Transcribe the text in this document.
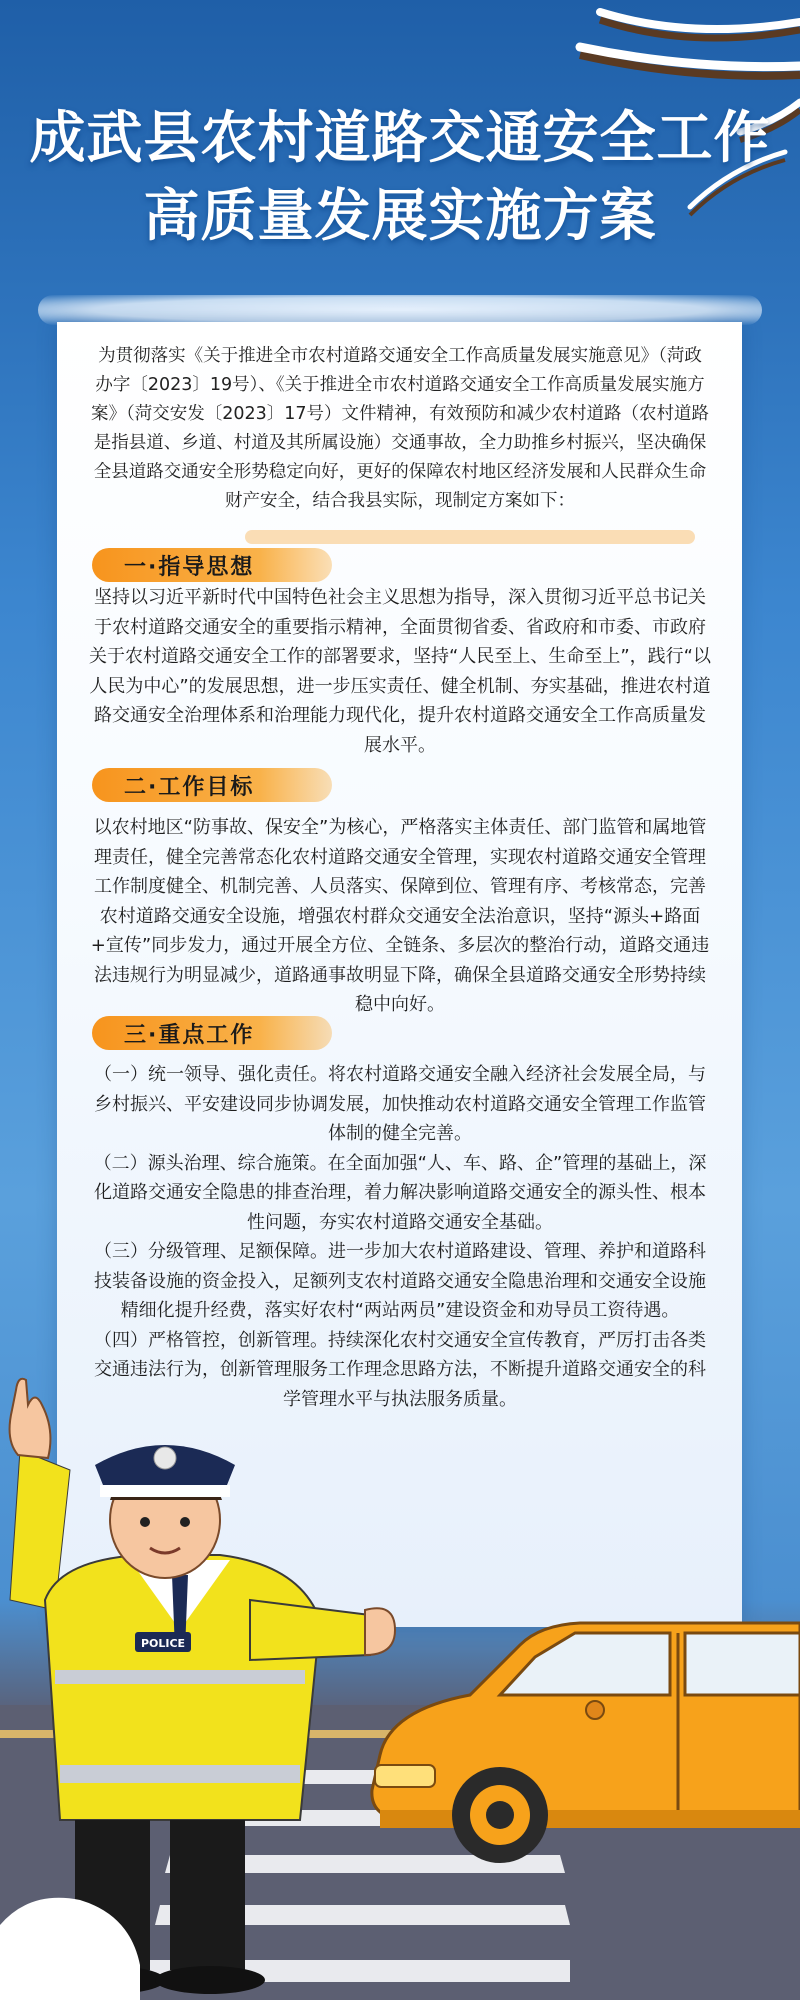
成武县农村道路交通安全工作
高质量发展实施方案
为贯彻落实《关于推进全市农村道路交通安全工作高质量发展实施意见》（菏政办字〔2023〕19号）、《关于推进全市农村道路交通安全工作高质量发展实施方案》（菏交安发〔2023〕17号）文件精神，有效预防和减少农村道路（农村道路是指县道、乡道、村道及其所属设施）交通事故，全力助推乡村振兴，坚决确保全县道路交通安全形势稳定向好，更好的保障农村地区经济发展和人民群众生命财产安全，结合我县实际，现制定方案如下：
一·指导思想
坚持以习近平新时代中国特色社会主义思想为指导，深入贯彻习近平总书记关于农村道路交通安全的重要指示精神，全面贯彻省委、省政府和市委、市政府关于农村道路交通安全工作的部署要求，坚持“人民至上、生命至上”，践行“以人民为中心”的发展思想，进一步压实责任、健全机制、夯实基础，推进农村道路交通安全治理体系和治理能力现代化，提升农村道路交通安全工作高质量发展水平。
二·工作目标
以农村地区“防事故、保安全”为核心，严格落实主体责任、部门监管和属地管理责任，健全完善常态化农村道路交通安全管理，实现农村道路交通安全管理工作制度健全、机制完善、人员落实、保障到位、管理有序、考核常态，完善农村道路交通安全设施，增强农村群众交通安全法治意识，坚持“源头+路面+宣传”同步发力，通过开展全方位、全链条、多层次的整治行动，道路交通违法违规行为明显减少，道路通事故明显下降，确保全县道路交通安全形势持续稳中向好。
三·重点工作

（一）统一领导、强化责任。将农村道路交通安全融入经济社会发展全局，与乡村振兴、平安建设同步协调发展，加快推动农村道路交通安全管理工作监管体制的健全完善。

（二）源头治理、综合施策。在全面加强“人、车、路、企”管理的基础上，深化道路交通安全隐患的排查治理，着力解决影响道路交通安全的源头性、根本性问题，夯实农村道路交通安全基础。

（三）分级管理、足额保障。进一步加大农村道路建设、管理、养护和道路科技装备设施的资金投入，足额列支农村道路交通安全隐患治理和交通安全设施精细化提升经费，落实好农村“两站两员”建设资金和劝导员工资待遇。

（四）严格管控，创新管理。持续深化农村交通安全宣传教育，严厉打击各类交通违法行为，创新管理服务工作理念思路方法，不断提升道路交通安全的科学管理水平与执法服务质量。

POLICE
